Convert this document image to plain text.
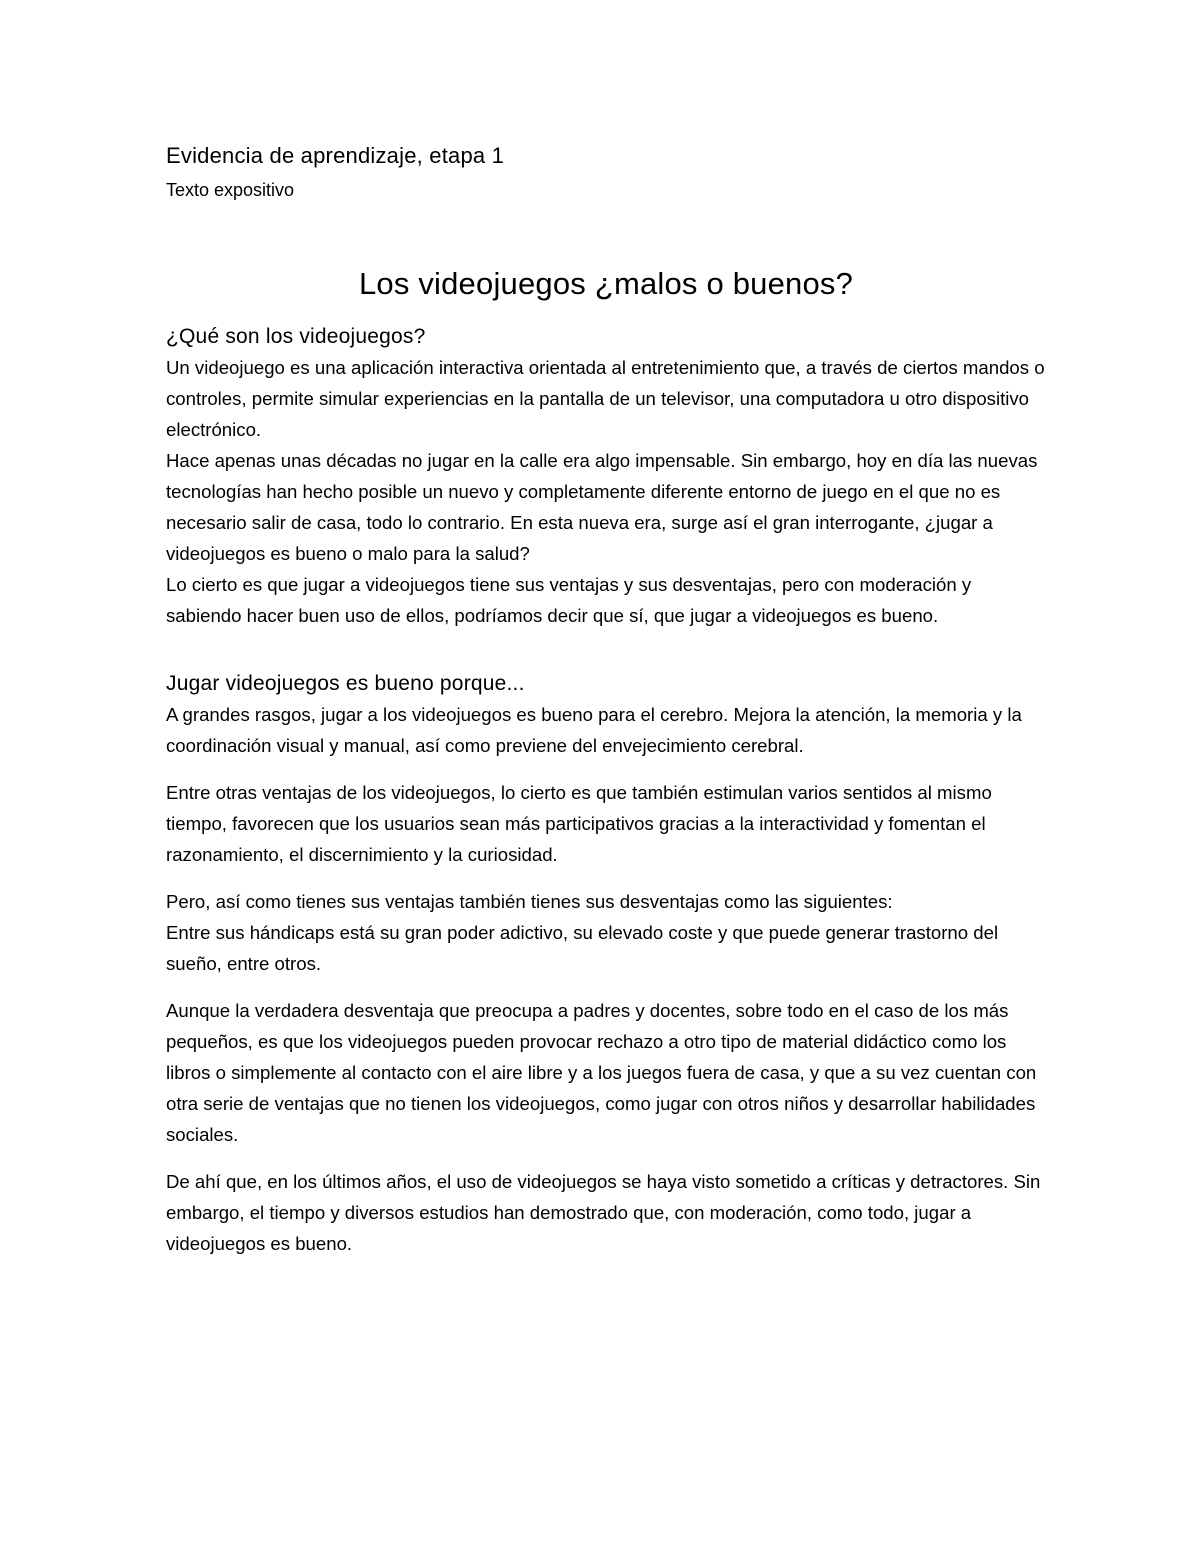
Evidencia de aprendizaje, etapa 1

Texto expositivo

Los videojuegos ¿malos o buenos?
¿Qué son los videojuegos?

Un videojuego es una aplicación interactiva orientada al entretenimiento que, a través de ciertos mandos o controles, permite simular experiencias en la pantalla de un televisor, una computadora u otro dispositivo electrónico.

Hace apenas unas décadas no jugar en la calle era algo impensable. Sin embargo, hoy en día las nuevas tecnologías han hecho posible un nuevo y completamente diferente entorno de juego en el que no es necesario salir de casa, todo lo contrario. En esta nueva era, surge así el gran interrogante, ¿jugar a videojuegos es bueno o malo para la salud?

Lo cierto es que jugar a videojuegos tiene sus ventajas y sus desventajas, pero con moderación y sabiendo hacer buen uso de ellos, podríamos decir que sí, que jugar a videojuegos es bueno.

Jugar videojuegos es bueno porque...

A grandes rasgos, jugar a los videojuegos es bueno para el cerebro. Mejora la atención, la memoria y la coordinación visual y manual, así como previene del envejecimiento cerebral.

Entre otras ventajas de los videojuegos, lo cierto es que también estimulan varios sentidos al mismo tiempo, favorecen que los usuarios sean más participativos gracias a la interactividad y fomentan el razonamiento, el discernimiento y la curiosidad.

Pero, así como tienes sus ventajas también tienes sus desventajas como las siguientes:

Entre sus hándicaps está su gran poder adictivo, su elevado coste y que puede generar trastorno del sueño, entre otros.

Aunque la verdadera desventaja que preocupa a padres y docentes, sobre todo en el caso de los más pequeños, es que los videojuegos pueden provocar rechazo a otro tipo de material didáctico como los libros o simplemente al contacto con el aire libre y a los juegos fuera de casa, y que a su vez cuentan con otra serie de ventajas que no tienen los videojuegos, como jugar con otros niños y desarrollar habilidades sociales.

De ahí que, en los últimos años, el uso de videojuegos se haya visto sometido a críticas y detractores. Sin embargo, el tiempo y diversos estudios han demostrado que, con moderación, como todo, jugar a videojuegos es bueno.
